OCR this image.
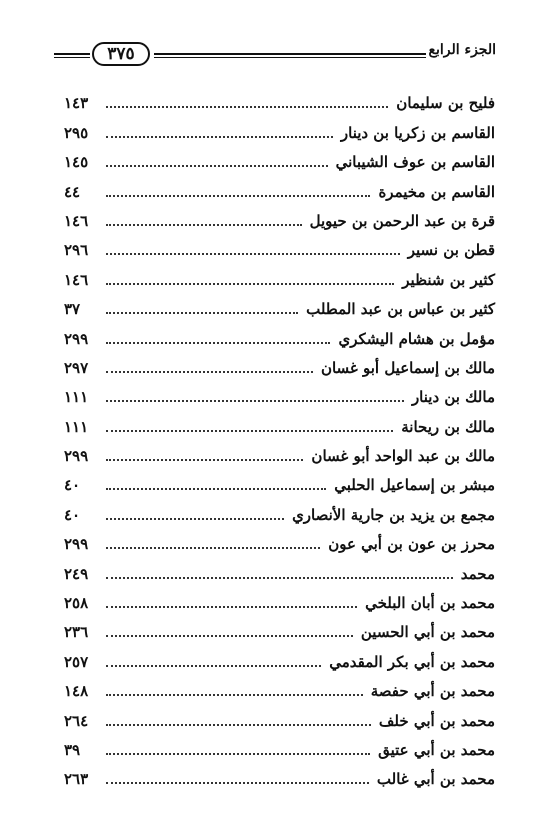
٣٧٥	الجزء الرابع
فليح بن سليمان
١٤٣
القاسم بن زكريا بن دينار
٢٩٥
القاسم بن عوف الشيباني
١٤٥
القاسم بن مخيمرة
٤٤
قرة بن عبد الرحمن بن حيويل
١٤٦
قطن بن نسير
٢٩٦
كثير بن شنظير
١٤٦
كثير بن عباس بن عبد المطلب
٣٧
مؤمل بن هشام اليشكري
٢٩٩
مالك بن إسماعيل أبو غسان
٢٩٧
مالك بن دينار
١١١
مالك بن ريحانة
١١١
مالك بن عبد الواحد أبو غسان
٢٩٩
مبشر بن إسماعيل الحلبي
٤٠
مجمع بن يزيد بن جارية الأنصاري
٤٠
محرز بن عون بن أبي عون
٢٩٩
محمد
٢٤٩
محمد بن أبان البلخي
٢٥٨
محمد بن أبي الحسين
٢٣٦
محمد بن أبي بكر المقدمي
٢٥٧
محمد بن أبي حفصة
١٤٨
محمد بن أبي خلف
٢٦٤
محمد بن أبي عتيق
٣٩
محمد بن أبي غالب
٢٦٣
